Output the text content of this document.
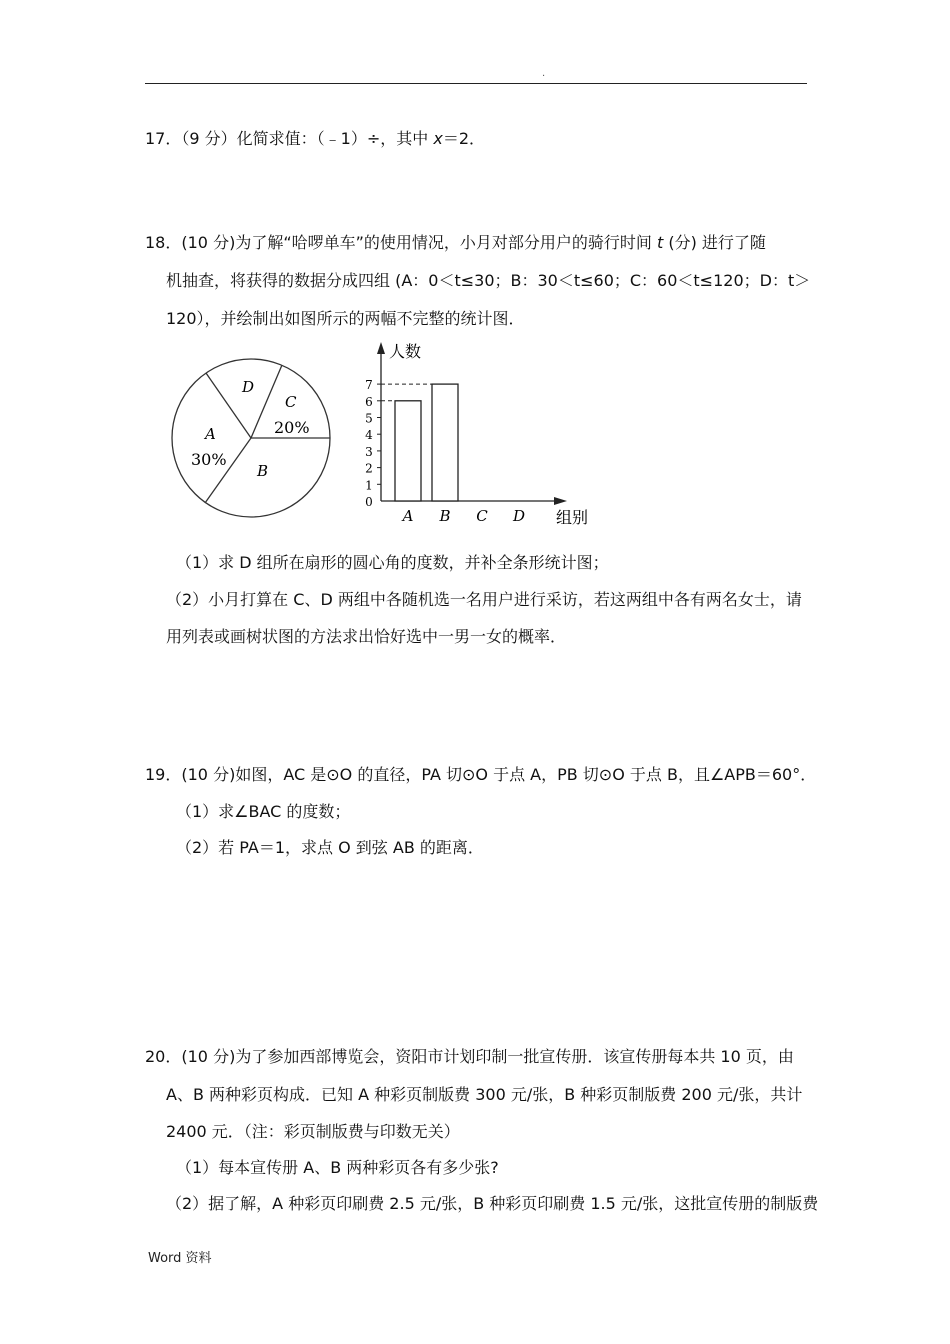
.
17．（9 分）化简求值：（﹣1）÷，其中 x＝2．
18．(10 分)为了解“哈啰单车”的使用情况，小月对部分用户的骑行时间 t (分) 进行了随
机抽查，将获得的数据分成四组 (A：0＜t≤30；B：30＜t≤60；C：60＜t≤120；D：t＞
120），并绘制出如图所示的两幅不完整的统计图．
A
30%
D
C
20%
B
人数
组别
0
1
2
3
4
5
6
7
A B C D
（1）求 D 组所在扇形的圆心角的度数，并补全条形统计图；
（2）小月打算在 C、D 两组中各随机选一名用户进行采访，若这两组中各有两名女士，请
用列表或画树状图的方法求出恰好选中一男一女的概率．
19．(10 分)如图，AC 是⊙O 的直径，PA 切⊙O 于点 A，PB 切⊙O 于点 B，且∠APB＝60°．
（1）求∠BAC 的度数；
（2）若 PA＝1，求点 O 到弦 AB 的距离．
20．(10 分)为了参加西部博览会，资阳市计划印制一批宣传册．该宣传册每本共 10 页，由
A、B 两种彩页构成．已知 A 种彩页制版费 300 元/张，B 种彩页制版费 200 元/张，共计
2400 元．（注：彩页制版费与印数无关）
（1）每本宣传册 A、B 两种彩页各有多少张?
（2）据了解，A 种彩页印刷费 2.5 元/张，B 种彩页印刷费 1.5 元/张，这批宣传册的制版费
Word 资料
